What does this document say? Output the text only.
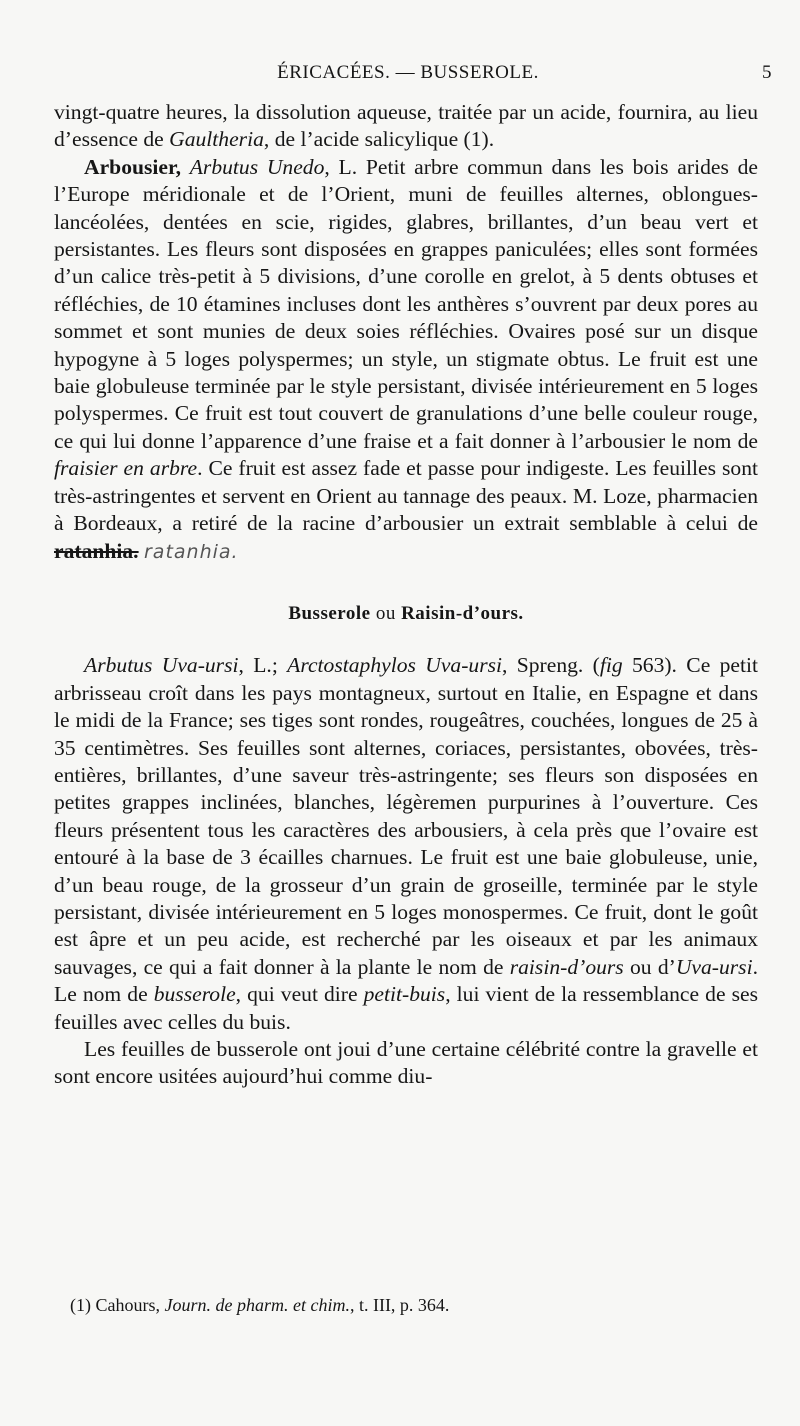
ÉRICACÉES. — BUSSEROLE.	5

vingt-quatre heures, la dissolution aqueuse, traitée par un acide, fournira, au lieu d’essence de Gaultheria, de l’acide salicylique (1).

Arbousier, Arbutus Unedo, L. Petit arbre commun dans les bois arides de l’Europe méridionale et de l’Orient, muni de feuilles alternes, oblongues-lancéolées, dentées en scie, rigides, glabres, brillantes, d’un beau vert et persistantes. Les fleurs sont disposées en grappes paniculées; elles sont formées d’un calice très-petit à 5 divisions, d’une corolle en grelot, à 5 dents obtuses et réfléchies, de 10 étamines incluses dont les anthères s’ouvrent par deux pores au sommet et sont munies de deux soies réfléchies. Ovaires posé sur un disque hypogyne à 5 loges polyspermes; un style, un stigmate obtus. Le fruit est une baie globuleuse terminée par le style persistant, divisée intérieurement en 5 loges polyspermes. Ce fruit est tout couvert de granulations d’une belle couleur rouge, ce qui lui donne l’apparence d’une fraise et a fait donner à l’arbousier le nom de fraisier en arbre. Ce fruit est assez fade et passe pour indigeste. Les feuilles sont très-astringentes et servent en Orient au tannage des peaux. M. Loze, pharmacien à Bordeaux, a retiré de la racine d’arbousier un extrait semblable à celui de ratanhia. ratanhia.

Busserole ou Raisin-d’ours.

Arbutus Uva-ursi, L.; Arctostaphylos Uva-ursi, Spreng. (fig 563). Ce petit arbrisseau croît dans les pays montagneux, surtout en Italie, en Espagne et dans le midi de la France; ses tiges sont rondes, rougeâtres, couchées, longues de 25 à 35 centimètres. Ses feuilles sont alternes, coriaces, persistantes, obovées, très-entières, brillantes, d’une saveur très-astringente; ses fleurs son disposées en petites grappes inclinées, blanches, légèremen purpurines à l’ouverture. Ces fleurs présentent tous les caractères des arbousiers, à cela près que l’ovaire est entouré à la base de 3 écailles charnues. Le fruit est une baie globuleuse, unie, d’un beau rouge, de la grosseur d’un grain de groseille, terminée par le style persistant, divisée intérieurement en 5 loges monospermes. Ce fruit, dont le goût est âpre et un peu acide, est recherché par les oiseaux et par les animaux sauvages, ce qui a fait donner à la plante le nom de raisin-d’ours ou d’Uva-ursi. Le nom de busserole, qui veut dire petit-buis, lui vient de la ressemblance de ses feuilles avec celles du buis.

Les feuilles de busserole ont joui d’une certaine célébrité contre la gravelle et sont encore usitées aujourd’hui comme diu-

(1) Cahours, Journ. de pharm. et chim., t. III, p. 364.
